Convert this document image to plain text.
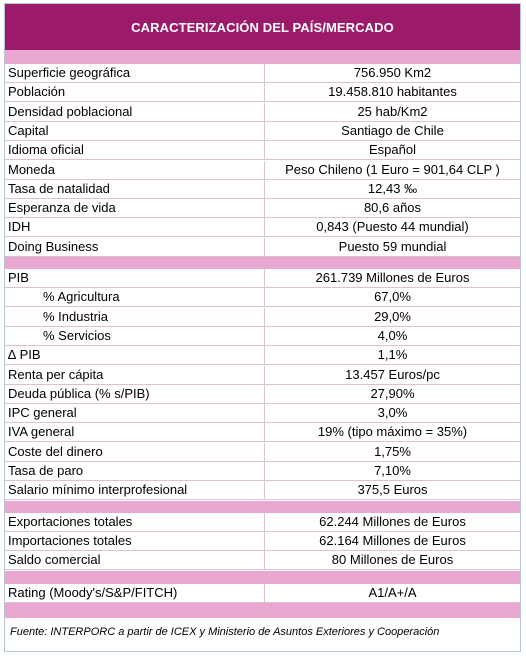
CARACTERIZACIÓN DEL PAÍS/MERCADO
Superficie geográfica	756.950 Km2
Población	19.458.810 habitantes
Densidad poblacional	25 hab/Km2
Capital	Santiago de Chile
Idioma oficial	Español
Moneda	Peso Chileno (1 Euro = 901,64 CLP )
Tasa de natalidad	12,43 ‰
Esperanza de vida	80,6 años
IDH	0,843 (Puesto 44 mundial)
Doing Business	Puesto 59 mundial
PIB	261.739 Millones de Euros
% Agricultura	67,0%
% Industria	29,0%
% Servicios	4,0%
∆ PIB	1,1%
Renta per cápita	13.457 Euros/pc
Deuda pública (% s/PIB)	27,90%
IPC general	3,0%
IVA general	19% (tipo máximo = 35%)
Coste del dinero	1,75%
Tasa de paro	7,10%
Salario mínimo interprofesional	375,5 Euros
Exportaciones totales	62.244 Millones de Euros
Importaciones totales	62.164 Millones de Euros
Saldo comercial	80 Millones de Euros
Rating (Moody's/S&P/FITCH)	A1/A+/A
Fuente: INTERPORC a partir de ICEX y Ministerio de Asuntos Exteriores y Cooperación
